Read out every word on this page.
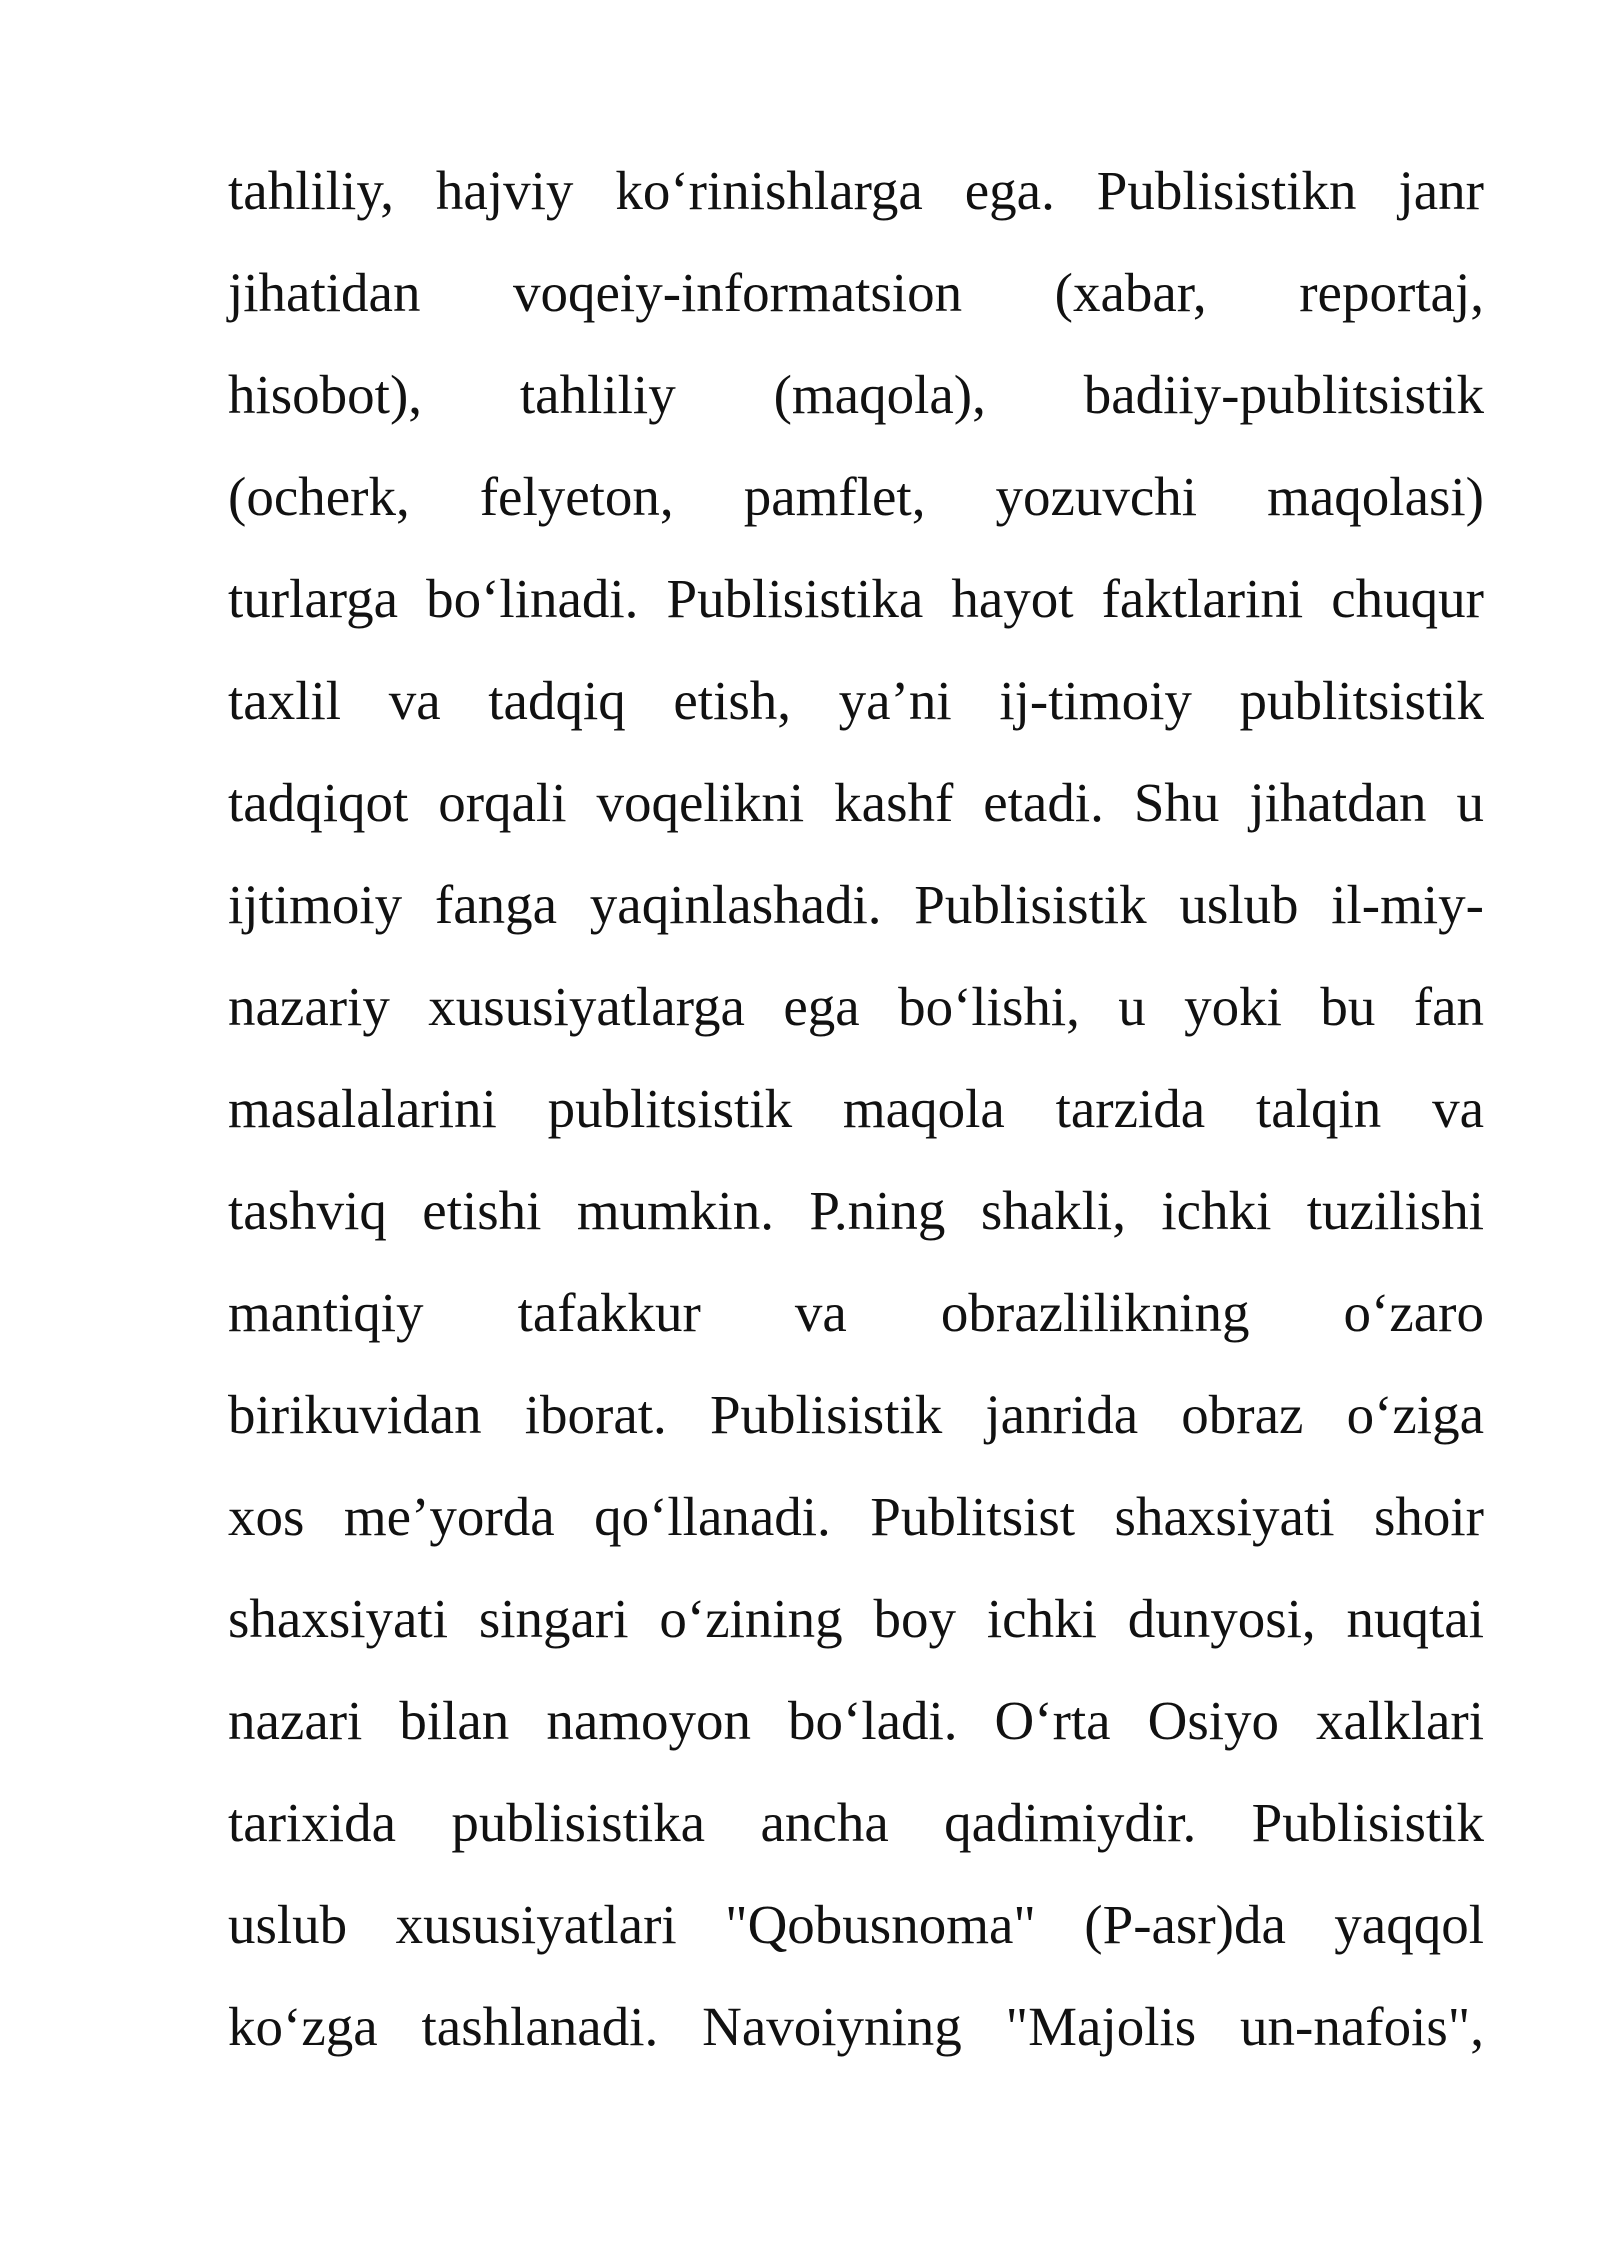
tahliliy, hajviy koʻrinishlarga ega. Publisistikn janr
jihatidan voqeiy-informatsion (xabar, reportaj,
hisobot), tahliliy (maqola), badiiy-publitsistik
(ocherk, felyeton, pamflet, yozuvchi maqolasi)
turlarga boʻlinadi. Publisistika hayot faktlarini chuqur
taxlil va tadqiq etish, ya’ni ij-timoiy publitsistik
tadqiqot orqali voqelikni kashf etadi. Shu jihatdan u
ijtimoiy fanga yaqinlashadi. Publisistik uslub il-miy-
nazariy xususiyatlarga ega boʻlishi, u yoki bu fan
masalalarini publitsistik maqola tarzida talqin va
tashviq etishi mumkin. P.ning shakli, ichki tuzilishi
mantiqiy tafakkur va obrazlilikning oʻzaro
birikuvidan iborat. Publisistik janrida obraz oʻziga
xos me’yorda qoʻllanadi. Publitsist shaxsiyati shoir
shaxsiyati singari oʻzining boy ichki dunyosi, nuqtai
nazari bilan namoyon boʻladi. Oʻrta Osiyo xalklari
tarixida publisistika ancha qadimiydir. Publisistik
uslub xususiyatlari "Qobusnoma" (P-asr)da yaqqol
koʻzga tashlanadi. Navoiyning "Majolis un-nafois",
